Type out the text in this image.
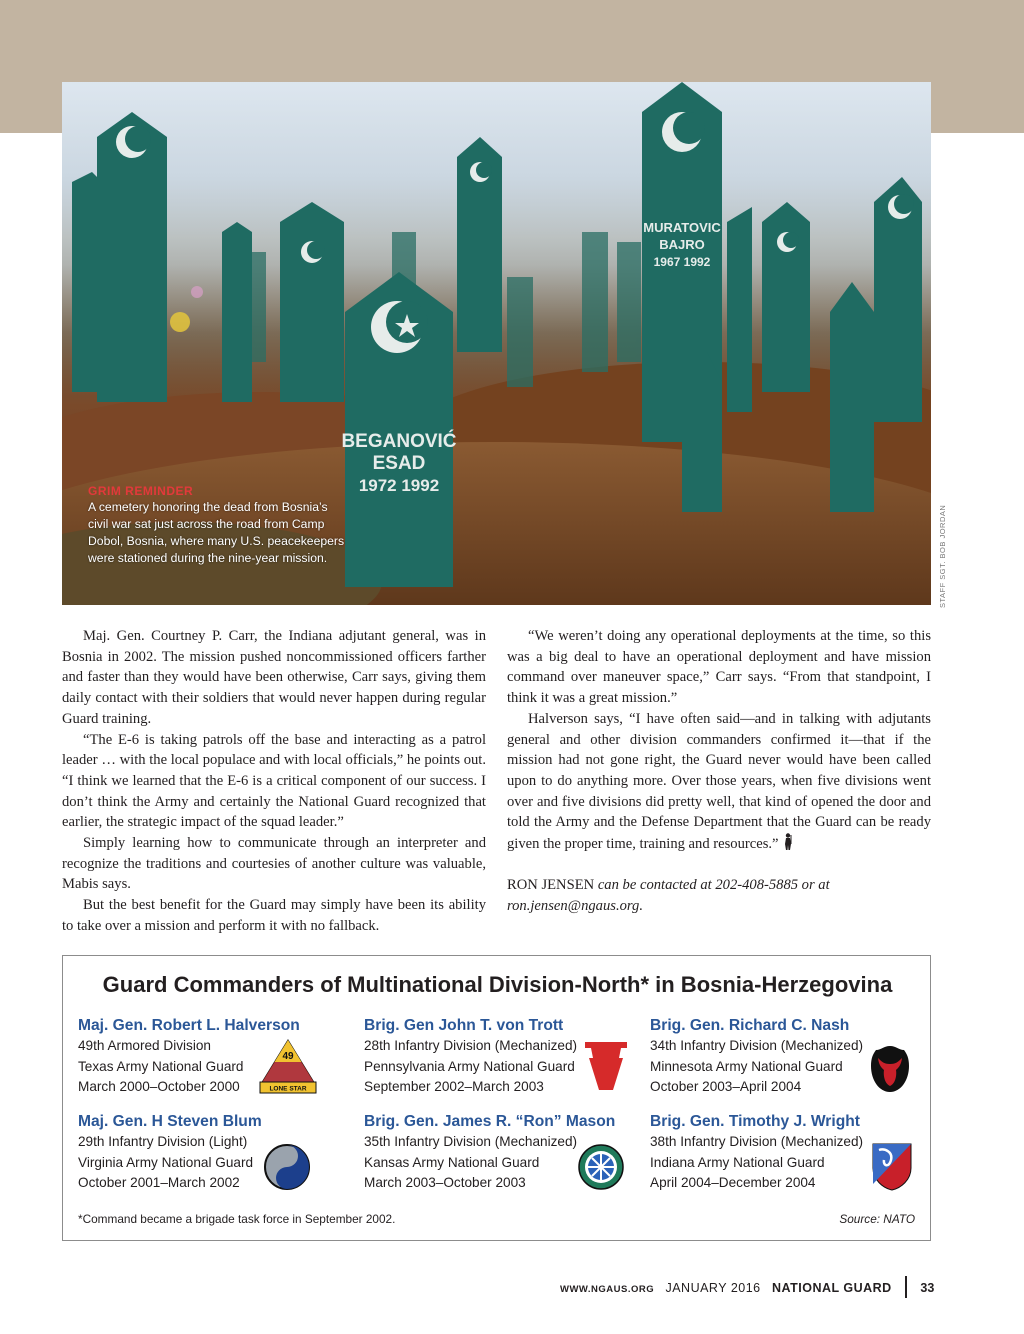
BEGANOVIĆ
ESAD
1972 1992
MURATOVIC
BAJRO
1967 1992
GRIM REMINDER
A cemetery honoring the dead from Bosnia’s civil war sat just across the road from Camp Dobol, Bosnia, where many U.S. peacekeepers were stationed during the nine-year mission.	STAFF SGT. BOB JORDAN

Maj. Gen. Courtney P. Carr, the Indiana adjutant general, was in Bosnia in 2002. The mission pushed noncommissioned officers farther and faster than they would have been otherwise, Carr says, giving them daily contact with their soldiers that would never happen during regular Guard training.

“The E-6 is taking patrols off the base and interacting as a patrol leader … with the local populace and with local officials,” he points out. “I think we learned that the E-6 is a critical component of our success. I don’t think the Army and certainly the National Guard recognized that earlier, the strategic impact of the squad leader.”

Simply learning how to communicate through an interpreter and recognize the traditions and courtesies of another culture was valuable, Mabis says.

But the best benefit for the Guard may simply have been its ability to take over a mission and perform it with no fallback.

“We weren’t doing any operational deployments at the time, so this was a big deal to have an operational deployment and have mission command over maneuver space,” Carr says. “From that standpoint, I think it was a great mission.”

Halverson says, “I have often said—and in talking with adjutants general and other division commanders confirmed it—that if the mission had not gone right, the Guard never would have been called upon to do anything more. Over those years, when five divisions went over and five divisions did pretty well, that kind of opened the door and told the Army and the Defense Department that the Guard can be ready given the proper time, training and resources.”

RON JENSEN can be contacted at 202-408-5885 or at ron.jensen@ngaus.org.

Guard Commanders of Multinational Division-North* in Bosnia-Herzegovina
Maj. Gen. Robert L. Halverson
49th Armored Division
Texas Army National Guard
March 2000–October 2000
49
LONE STAR
Brig. Gen John T. von Trott
28th Infantry Division (Mechanized)
Pennsylvania Army National Guard
September 2002–March 2003
Brig. Gen. Richard C. Nash
34th Infantry Division (Mechanized)
Minnesota Army National Guard
October 2003–April 2004
Maj. Gen. H Steven Blum
29th Infantry Division (Light)
Virginia Army National Guard
October 2001–March 2002
Brig. Gen. James R. “Ron” Mason
35th Infantry Division (Mechanized)
Kansas Army National Guard
March 2003–October 2003
Brig. Gen. Timothy J. Wright
38th Infantry Division (Mechanized)
Indiana Army National Guard
April 2004–December 2004
*Command became a brigade task force in September 2002.	Source: NATO
WWW.NGAUS.ORG JANUARY 2016 NATIONAL GUARD 33
